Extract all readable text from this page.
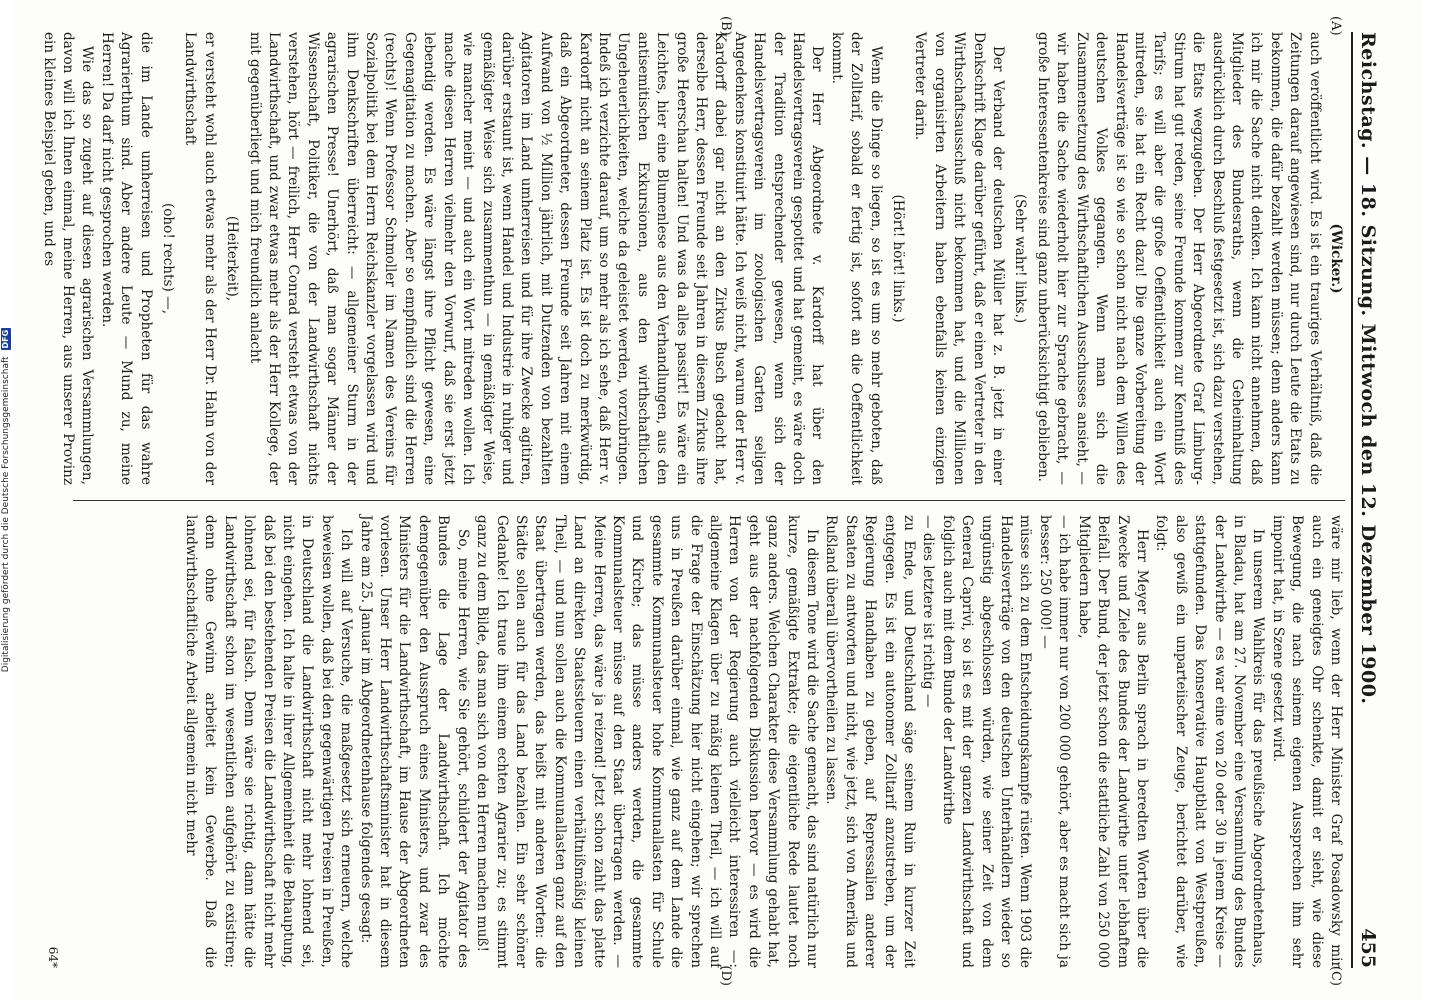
Digitalisierung gefördert durch die Deutsche Forschungsgemeinschaft
DFG	Reichstag. — 18. Sitzung. Mittwoch den 12. Dezember 1900.
455
(A)
(B)

(Wicker.)

auch veröffentlicht wird. Es ist ein trauriges Verhältniß, daß die Zeitungen darauf angewiesen sind, nur durch Leute die Etats zu bekommen, die dafür bezahlt werden müssen; denn anders kann ich mir die Sache nicht denken. Ich kann nicht annehmen, daß Mitglieder des Bundesraths, wenn die Geheimhaltung ausdrücklich durch Beschluß festgesetzt ist, sich dazu verstehen, die Etats wegzugeben. Der Herr Abgeordnete Graf Limburg-Stirum hat gut reden, seine Freunde kommen zur Kenntniß des Tarifs; es will aber die große Oeffentlichkeit auch ein Wort mitreden, sie hat ein Recht dazu! Die ganze Vorbereitung der Handelsverträge ist so wie so schon nicht nach dem Willen des deutschen Volkes gegangen. Wenn man sich die Zusammensetzung des Wirthschaftlichen Ausschusses ansieht, — wir haben die Sache wiederholt hier zur Sprache gebracht, — große Interessentenkreise sind ganz unberücksichtigt geblieben.

(Sehr wahr! links.)

Der Verband der deutschen Müller hat z. B. jetzt in einer Denkschrift Klage darüber geführt, daß er einen Vertreter in den Wirthschaftsausschuß nicht bekommen hat, und die Millionen von organisirten Arbeitern haben ebenfalls keinen einzigen Vertreter darin.

(Hört! hört! links.)

Wenn die Dinge so liegen, so ist es um so mehr geboten, daß der Zolltarif, sobald er fertig ist, sofort an die Oeffentlichkeit kommt.

Der Herr Abgeordnete v. Kardorff hat über den Handelsvertragsverein gespottet und hat gemeint, es wäre doch der Tradition entsprechender gewesen, wenn sich der Handelsvertragsverein im zoologischen Garten seligen Angedenkens konstituirt hätte. Ich weiß nicht, warum der Herr v. Kardorff dabei gar nicht an den Zirkus Busch gedacht hat, derselbe Herr, dessen Freunde seit Jahren in diesem Zirkus ihre große Heerschau halten! Und was da alles passirt! Es wäre ein Leichtes, hier eine Blumenlese aus den Verhandlungen, aus den antisemitischen Exkursionen, aus den wirthschaftlichen Ungeheuerlichkeiten, welche da geleistet werden, vorzubringen. Indeß ich verzichte darauf, um so mehr als ich sehe, daß Herr v. Kardorff nicht an seinem Platz ist. Es ist doch zu merkwürdig, daß ein Abgeordneter, dessen Freunde seit Jahren mit einem Aufwand von ½ Million jährlich, mit Dutzenden von bezahlten Agitatoren im Land umherreisen und für ihre Zwecke agitiren, darüber erstaunt ist, wenn Handel und Industrie in ruhiger und gemäßigter Weise sich zusammenthun — in gemäßigter Weise, wie mancher meint — und auch ein Wort mitreden wollen. Ich mache diesen Herren vielmehr den Vorwurf, daß sie erst jetzt lebendig werden. Es wäre längst ihre Pflicht gewesen, eine Gegenagitation zu machen. Aber so empfindlich sind die Herren (rechts)! Wenn Professor Schmoller im Namen des Vereins für Sozialpolitik bei dem Herrn Reichskanzler vorgelassen wird und ihm Denkschriften überreicht: — allgemeiner Sturm in der agrarischen Presse! Unerhört, daß man sogar Männer der Wissenschaft, Politiker, die von der Landwirthschaft nichts verstehen, hört — freilich, Herr Conrad versteht etwas von der Landwirthschaft, und zwar etwas mehr als der Herr Kollege, der mit gegenüberliegt und mich freundlich anlacht

(Heiterkeit),

er versteht wohl auch etwas mehr als der Herr Dr. Hahn von der Landwirthschaft

(oho! rechts) —,

die im Lande umherreisen und Propheten für das wahre Agrarierthum sind. Aber andere Leute — Mund zu, meine Herren! Da darf nicht gesprochen werden.

Wie das so zugeht auf diesen agrarischen Versammlungen, davon will ich Ihnen einmal, meine Herren, aus unserer Provinz ein kleines Beispiel geben, und es

(C)
(D)

wäre mir lieb, wenn der Herr Minister Graf Posadowsky mir auch ein geneigtes Ohr schenkte, damit er sieht, wie diese Bewegung, die nach seinem eigenen Aussprechen ihm sehr imponirt hat, in Szene gesetzt wird.

In unserem Wahlkreis für das preußische Abgeordnetenhaus, in Bladau, hat am 27. November eine Versammlung des Bundes der Landwirthe — es war eine von 20 oder 30 in jenem Kreise — stattgefunden. Das konservative Hauptblatt von Westpreußen, also gewiß ein unparteiischer Zeuge, berichtet darüber, wie folgt:

Herr Meyer aus Berlin sprach in beredten Worten über die Zwecke und Ziele des Bundes der Landwirthe unter lebhaftem Beifall. Der Bund, der jetzt schon die stattliche Zahl von 250 000 Mitgliedern habe,

— ich habe immer nur von 200 000 gehört, aber es macht sich ja besser: 250 000! —

müsse sich zu dem Entscheidungskampfe rüsten. Wenn 1903 die Handelsverträge von den deutschen Unterhändlern wieder so ungünstig abgeschlossen würden, wie seiner Zeit von dem General Caprivi, so ist es mit der ganzen Landwirthschaft und folglich auch mit dem Bunde der Landwirthe

— dies letztere ist richtig —

zu Ende, und Deutschland säge seinem Ruin in kurzer Zeit entgegen. Es ist ein autonomer Zolltarif anzustreben, um der Regierung Handhaben zu geben, auf Repressalien anderer Staaten zu antworten und nicht, wie jetzt, sich von Amerika und Rußland überall übervortheilen zu lassen.

In diesem Tone wird die Sache gemacht, das sind natürlich nur kurze, gemäßigte Extrakte; die eigentliche Rede lautet noch ganz anders. Welchen Charakter diese Versammlung gehabt hat, geht aus der nachfolgenden Diskussion hervor — es wird die Herren von der Regierung auch vielleicht interessiren —: allgemeine Klagen über zu mäßig kleinen Theil, — ich will auf die Frage der Einschätzung hier nicht eingehen; wir sprechen uns in Preußen darüber einmal, wie ganz auf dem Lande die gesammte Kommunalsteuer hohe Kommunallasten für Schule und Kirche; das müsse anders werden, die gesammte Kommunalsteuer müsse auf den Staat übertragen werden. — Meine Herren, das wäre ja reizend! Jetzt schon zahlt das platte Land an direkten Staatssteuern einen verhältnißmäßig kleinen Theil, — und nun sollen auch die Kommunallasten ganz auf den Staat übertragen werden, das heißt mit anderen Worten: die Städte sollen auch für das Land bezahlen. Ein sehr schöner Gedanke! Ich traue ihm einem echten Agrarier zu; es stimmt ganz zu dem Bilde, das man sich von den Herren machen muß!

So, meine Herren, wie Sie gehört, schildert der Agitator des Bundes die Lage der Landwirthschaft. Ich möchte demgegenüber den Ausspruch eines Ministers, und zwar des Ministers für die Landwirthschaft, im Hause der Abgeordneten vorlesen. Unser Herr Landwirthschaftsminister hat in diesem Jahre am 25. Januar im Abgeordnetenhause folgendes gesagt:

Ich will auf Versuche, die maßgesetzt sich erneuern, welche beweisen wollen, daß bei den gegenwärtigen Preisen in Preußen, in Deutschland die Landwirthschaft nicht mehr lohnend sei, nicht eingehen. Ich halte in ihrer Allgemeinheit die Behauptung, daß bei den bestehenden Preisen die Landwirthschaft nicht mehr lohnend sei, für falsch. Denn wäre sie richtig, dann hätte die Landwirthschaft schon im wesentlichen aufgehört zu existiren; denn ohne Gewinn arbeitet kein Gewerbe. Daß die landwirthschaftliche Arbeit allgemein nicht mehr

64*
